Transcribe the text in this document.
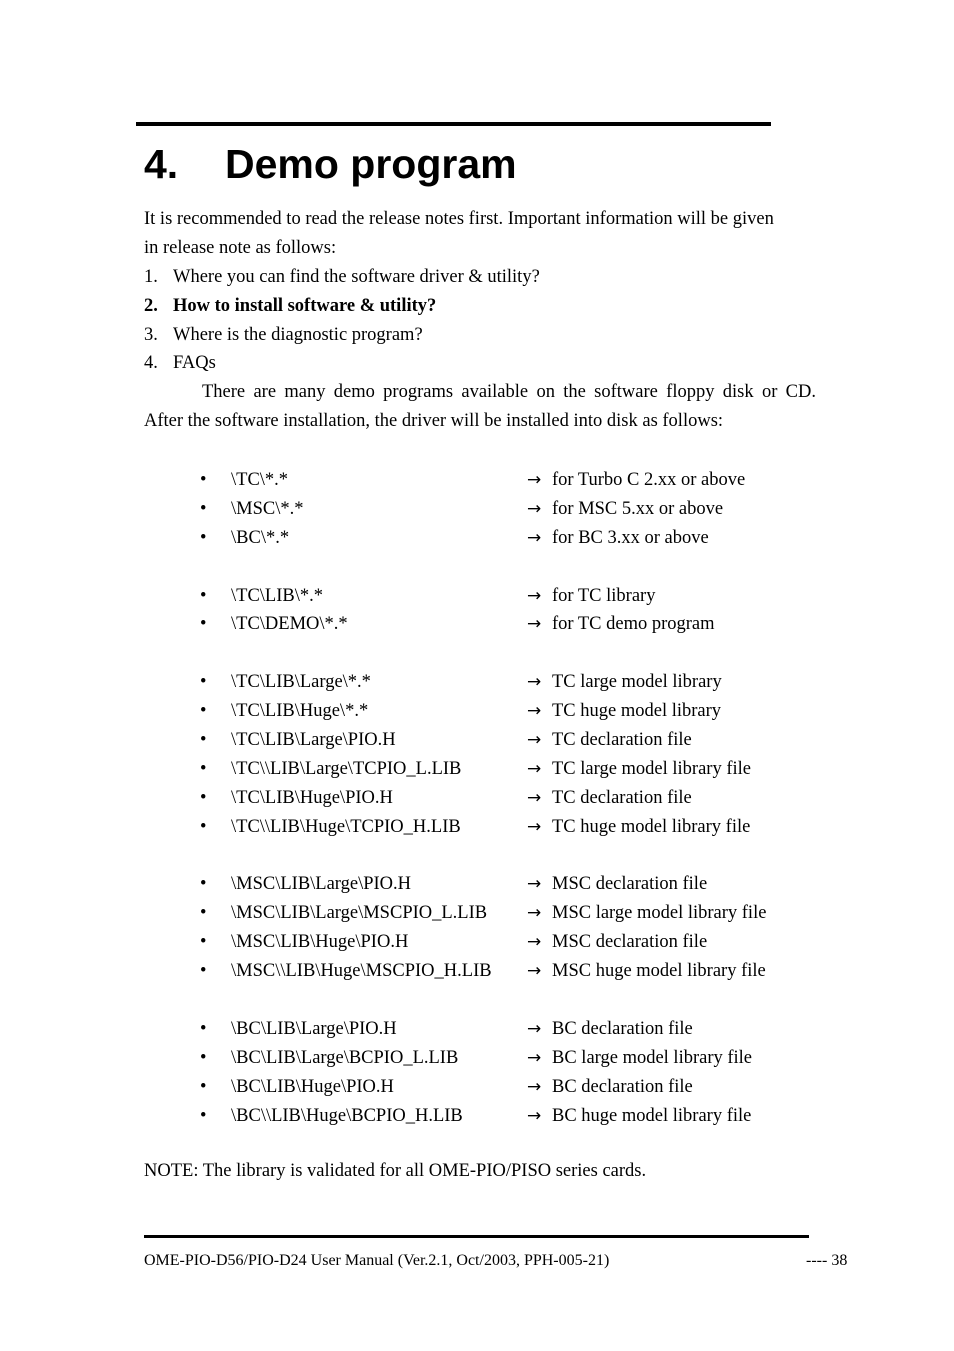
4. Demo program
It is recommended to read the release notes first. Important information will be given
in release note as follows:
1. Where you can find the software driver & utility?
2. How to install software & utility?
3. Where is the diagnostic program?
4. FAQs
There are many demo programs available on the software floppy disk or CD.
After the software installation, the driver will be installed into disk as follows:
• \TC\*.*	→ for Turbo C 2.xx or above
• \MSC\*.*	→ for MSC 5.xx or above
• \BC\*.*	→ for BC 3.xx or above
• \TC\LIB\*.*	→ for TC library
• \TC\DEMO\*.*	→ for TC demo program
• \TC\LIB\Large\*.*	→ TC large model library
• \TC\LIB\Huge\*.*	→ TC huge model library
• \TC\LIB\Large\PIO.H	→ TC declaration file
• \TC\\LIB\Large\TCPIO_L.LIB	→ TC large model library file
• \TC\LIB\Huge\PIO.H	→ TC declaration file
• \TC\\LIB\Huge\TCPIO_H.LIB	→ TC huge model library file
• \MSC\LIB\Large\PIO.H	→ MSC declaration file
• \MSC\LIB\Large\MSCPIO_L.LIB → MSC large model library file
• \MSC\LIB\Huge\PIO.H	→ MSC declaration file
• \MSC\\LIB\Huge\MSCPIO_H.LIB → MSC huge model library file
• \BC\LIB\Large\PIO.H	→ BC declaration file
• \BC\LIB\Large\BCPIO_L.LIB	→ BC large model library file
• \BC\LIB\Huge\PIO.H	→ BC declaration file
• \BC\\LIB\Huge\BCPIO_H.LIB	→ BC huge model library file
NOTE: The library is validated for all OME-PIO/PISO series cards.
OME-PIO-D56/PIO-D24 User Manual (Ver.2.1, Oct/2003, PPH-005-21)	---- 38
